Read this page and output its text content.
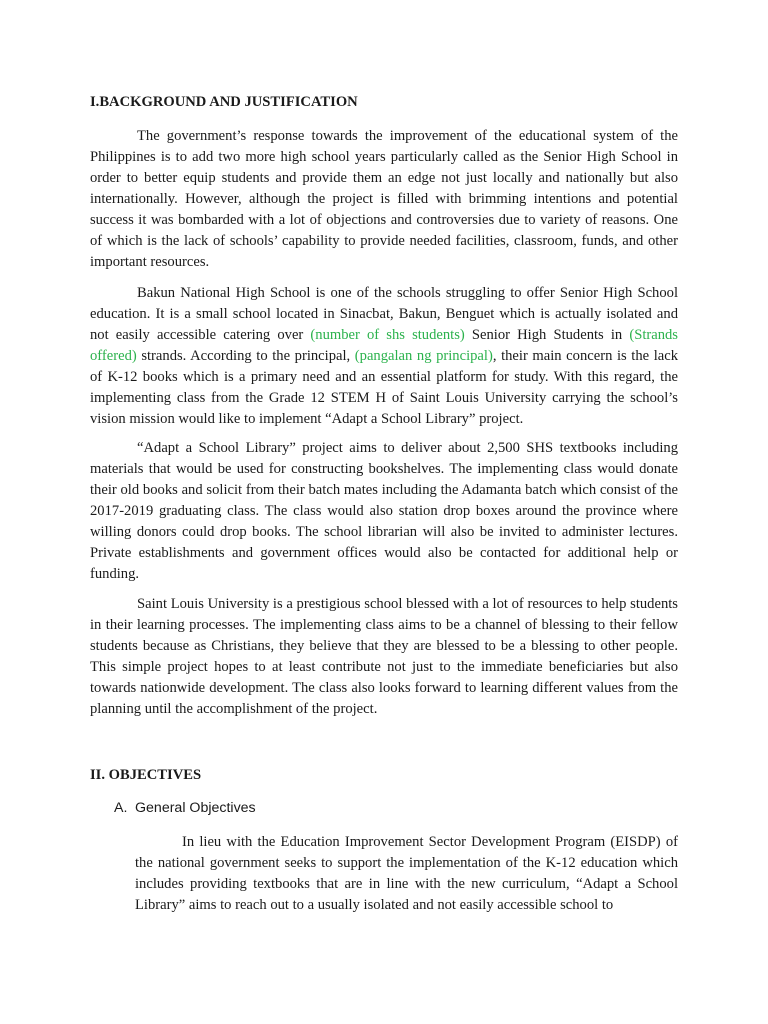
I.BACKGROUND AND JUSTIFICATION

The government’s response towards the improvement of the educational system of the Philippines is to add two more high school years particularly called as the Senior High School in order to better equip students and provide them an edge not just locally and nationally but also internationally. However, although the project is filled with brimming intentions and potential success it was bombarded with a lot of objections and controversies due to variety of reasons. One of which is the lack of schools’ capability to provide needed facilities, classroom, funds, and other important resources.

Bakun National High School is one of the schools struggling to offer Senior High School education. It is a small school located in Sinacbat, Bakun, Benguet which is actually isolated and not easily accessible catering over (number of shs students) Senior High Students in (Strands offered) strands. According to the principal, (pangalan ng principal), their main concern is the lack of K-12 books which is a primary need and an essential platform for study. With this regard, the implementing class from the Grade 12 STEM H of Saint Louis University carrying the school’s vision mission would like to implement “Adapt a School Library” project.

“Adapt a School Library” project aims to deliver about 2,500 SHS textbooks including materials that would be used for constructing bookshelves. The implementing class would donate their old books and solicit from their batch mates including the Adamanta batch which consist of the 2017-2019 graduating class. The class would also station drop boxes around the province where willing donors could drop books. The school librarian will also be invited to administer lectures. Private establishments and government offices would also be contacted for additional help or funding.

Saint Louis University is a prestigious school blessed with a lot of resources to help students in their learning processes. The implementing class aims to be a channel of blessing to their fellow students because as Christians, they believe that they are blessed to be a blessing to other people. This simple project hopes to at least contribute not just to the immediate beneficiaries but also towards nationwide development. The class also looks forward to learning different values from the planning until the accomplishment of the project.

II. OBJECTIVES

A. General Objectives

In lieu with the Education Improvement Sector Development Program (EISDP) of the national government seeks to support the implementation of the K-12 education which includes providing textbooks that are in line with the new curriculum, “Adapt a School Library” aims to reach out to a usually isolated and not easily accessible school to
